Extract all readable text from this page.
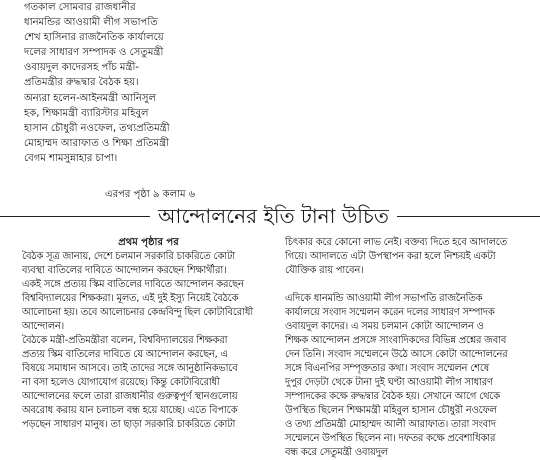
গতকাল সোমবার রাজধানীর
ধানমন্ডির আওয়ামী লীগ সভাপতি
শেখ হাসিনার রাজনৈতিক কার্যালয়ে
দলের সাধারণ সম্পাদক ও সেতুমন্ত্রী
ওবায়দুল কাদেরসহ পাঁচ মন্ত্রী-
প্রতিমন্ত্রীর রুদ্ধদ্বার বৈঠক হয়।
অন্যরা হলেন-আইনমন্ত্রী আনিসুল
হক, শিক্ষামন্ত্রী ব্যারিস্টার মহিবুল
হাসান চৌধুরী নওফেল, তথ্যপ্রতিমন্ত্রী
মোহাম্মদ আরাফাত ও শিক্ষা প্রতিমন্ত্রী
বেগম শামসুন্নাহার চাপা।
এরপর পৃষ্ঠা ৯ কলাম ৬
আন্দোলনের ইতি টানা উচিত
প্রথম পৃষ্ঠার পর
বৈঠক সূত্র জানায়, দেশে চলমান সরকারি চাকরিতে কোটা
ব্যবস্থা বাতিলের দাবিতে আন্দোলন করছেন শিক্ষার্থীরা।
একই সঙ্গে প্রত্যয় স্কিম বাতিলের দাবিতে আন্দোলন করছেন
বিশ্ববিদ্যালয়ের শিক্ষকরা। মূলত, এই দুই ইস্যু নিয়েই বৈঠকে
আলোচনা হয়। তবে আলোচনার কেন্দ্রবিন্দু ছিল কোটাবিরোধী
আন্দোলন।
বৈঠকে মন্ত্রী-প্রতিমন্ত্রীরা বলেন, বিশ্ববিদ্যালয়ের শিক্ষকরা
প্রত্যয় স্কিম বাতিলের দাবিতে যে আন্দোলন করছেন, এ
বিষয়ে সমাধান আসবে। তাই তাদের সঙ্গে আনুষ্ঠানিকভাবে
না বসা হলেও যোগাযোগ রয়েছে। কিন্তু কোটাবিরোধী
আন্দোলনের ফলে তারা রাজধানীর গুরুত্বপূর্ণ স্থানগুলোয়
অবরোধ করায় যান চলাচল বন্ধ হয়ে যাচ্ছে। এতে বিপাকে
পড়ছেন সাধারণ মানুষ। তা ছাড়া সরকারি চাকরিতে কোটা
চিৎকার করে কোনো লাভ নেই। বক্তব্য দিতে হবে আদালতে
গিয়ে। আদালতে এটা উপস্থাপন করা হলে নিশ্চয়ই একটা
যৌক্তিক রায় পাবেন।
এদিকে ধানমন্ডি আওয়ামী লীগ সভাপতি রাজনৈতিক
কার্যালয়ে সংবাদ সম্মেলন করেন দলের সাধারণ সম্পাদক
ওবায়দুল কাদের। এ সময় চলমান কোটা আন্দোলন ও
শিক্ষক আন্দোলন প্রসঙ্গে সাংবাদিকদের বিভিন্ন প্রশ্নের জবাব
দেন তিনি। সংবাদ সম্মেলনে উঠে আসে কোটা আন্দোলনের
সঙ্গে বিএনপির সম্পৃক্ততার কথা। সংবাদ সম্মেলন শেষে
দুপুর দেড়টা থেকে টানা দুই ঘণ্টা আওয়ামী লীগ সাধারণ
সম্পাদকের কক্ষে রুদ্ধদ্বার বৈঠক হয়। সেখানে আগে থেকে
উপস্থিত ছিলেন শিক্ষামন্ত্রী মহিবুল হাসান চৌধুরী নওফেল
ও তথ্য প্রতিমন্ত্রী মোহাম্মদ আলী আরাফাত। তারা সংবাদ
সম্মেলনে উপস্থিত ছিলেন না। দফতর কক্ষে প্রবেশাধিকার
বন্ধ করে সেতুমন্ত্রী ওবায়দুল
